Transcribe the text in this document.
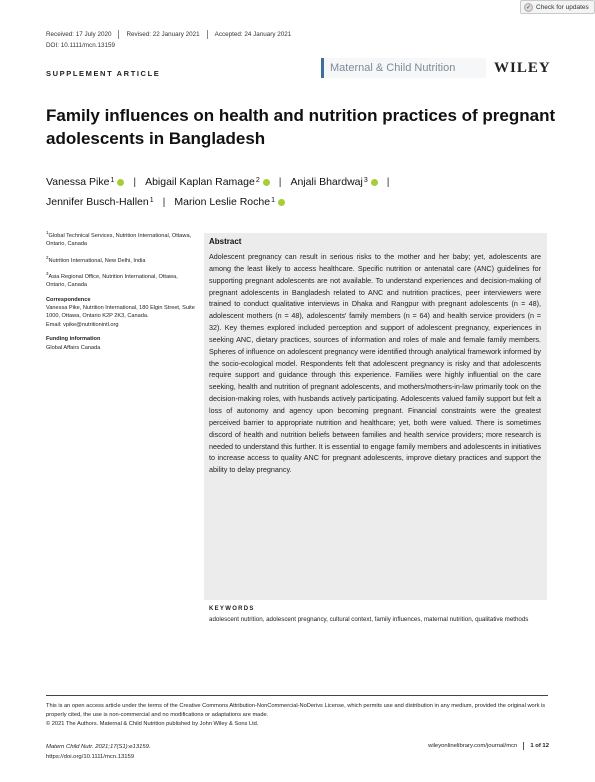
✓ Check for updates
Received: 17 July 2020 Revised: 22 January 2021 Accepted: 24 January 2021
DOI: 10.1111/mcn.13159
SUPPLEMENT ARTICLE	Maternal & Child Nutrition	WILEY
Family influences on health and nutrition practices of pregnant adolescents in Bangladesh
Vanessa Pike$^1$ | Abigail Kaplan Ramage$^2$ | Anjali Bhardwaj$^3$ |

Jennifer Busch-Hallen$^1$ | Marion Leslie Roche$^1$

$^1$Global Technical Services, Nutrition International, Ottawa, Ontario, Canada

$^2$Nutrition International, New Delhi, India

$^3$Asia Regional Office, Nutrition International, Ottawa, Ontario, Canada

Correspondence

Vanessa Pike, Nutrition International, 180 Elgin Street, Suite 1000, Ottawa, Ontario K2P 2K3, Canada.

Email: vpike@nutritionintl.org

Funding information

Global Affairs Canada

Abstract

Adolescent pregnancy can result in serious risks to the mother and her baby; yet, adolescents are among the least likely to access healthcare. Specific nutrition or antenatal care (ANC) guidelines for supporting pregnant adolescents are not available. To understand experiences and decision-making of pregnant adolescents in Bangladesh related to ANC and nutrition practices, peer interviewers were trained to conduct qualitative interviews in Dhaka and Rangpur with pregnant adolescents (n = 48), adolescent mothers (n = 48), adolescents' family members (n = 64) and health service providers (n = 32). Key themes explored included perception and support of adolescent pregnancy, experiences in seeking ANC, dietary practices, sources of information and roles of male and female family members. Spheres of influence on adolescent pregnancy were identified through analytical framework informed by the socio-ecological model. Respondents felt that adolescent pregnancy is risky and that adolescents require support and guidance through this experience. Families were highly influential on the care seeking, health and nutrition of pregnant adolescents, and mothers/mothers-in-law primarily took on the decision-making roles, with husbands actively participating. Adolescents valued family support but felt a loss of autonomy and agency upon becoming pregnant. Financial constraints were the greatest perceived barrier to appropriate nutrition and healthcare; yet, both were valued. There is sometimes discord of health and nutrition beliefs between families and health service providers; more research is needed to understand this further. It is essential to engage family members and adolescents in initiatives to increase access to quality ANC for pregnant adolescents, improve dietary practices and support the ability to delay pregnancy.

KEYWORDS

adolescent nutrition, adolescent pregnancy, cultural context, family influences, maternal nutrition, qualitative methods

This is an open access article under the terms of the Creative Commons Attribution-NonCommercial-NoDerivs License, which permits use and distribution in any medium, provided the original work is properly cited, the use is non-commercial and no modifications or adaptations are made.

© 2021 The Authors. Maternal & Child Nutrition published by John Wiley & Sons Ltd.

Matern Child Nutr. 2021;17(S1):e13159.

https://doi.org/10.1111/mcn.13159

wileyonlinelibrary.com/journal/mcn 1 of 12
